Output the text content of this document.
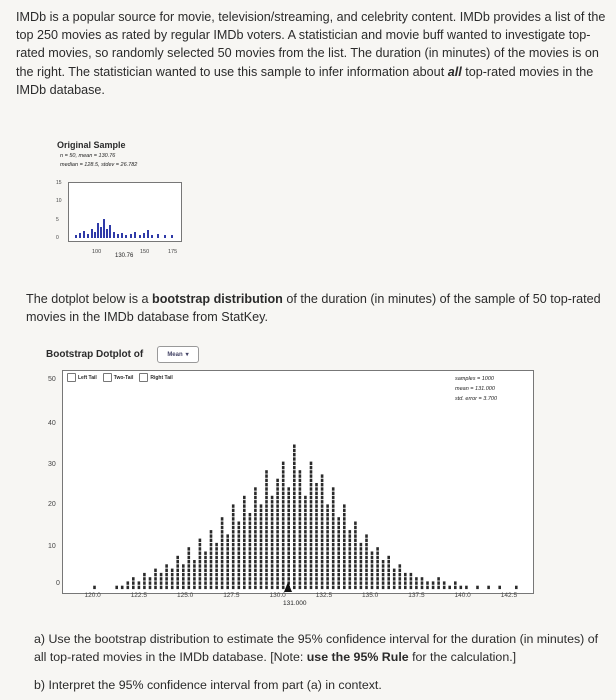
IMDb is a popular source for movie, television/streaming, and celebrity content. IMDb provides a list of the top 250 movies as rated by regular IMDb voters. A statistician and movie buff wanted to investigate top-rated movies, so randomly selected 50 movies from the list. The duration (in minutes) of the movies is on the right. The statistician wanted to use this sample to infer information about all top-rated movies in the IMDb database.

Original Sample
n = 50, mean = 130.76
median = 128.5, stdev = 26.782
15
10
5
0
100	150	175
130.76

The dotplot below is a bootstrap distribution of the duration (in minutes) of the sample of 50 top-rated movies in the IMDb database from StatKey.

Bootstrap Dotplot of	Mean ▾
50
40
30
20
10
0
Left Tail	Two-Tail	Right Tail	samples = 1000
mean = 131.000
std. error = 3.700
120.0	122.5	125.0	127.5	130.0	132.5	135.0	137.5	140.0	142.5
131.000

a) Use the bootstrap distribution to estimate the 95% confidence interval for the duration (in minutes) of all top-rated movies in the IMDb database. [Note: use the 95% Rule for the calculation.]

b) Interpret the 95% confidence interval from part (a) in context.
